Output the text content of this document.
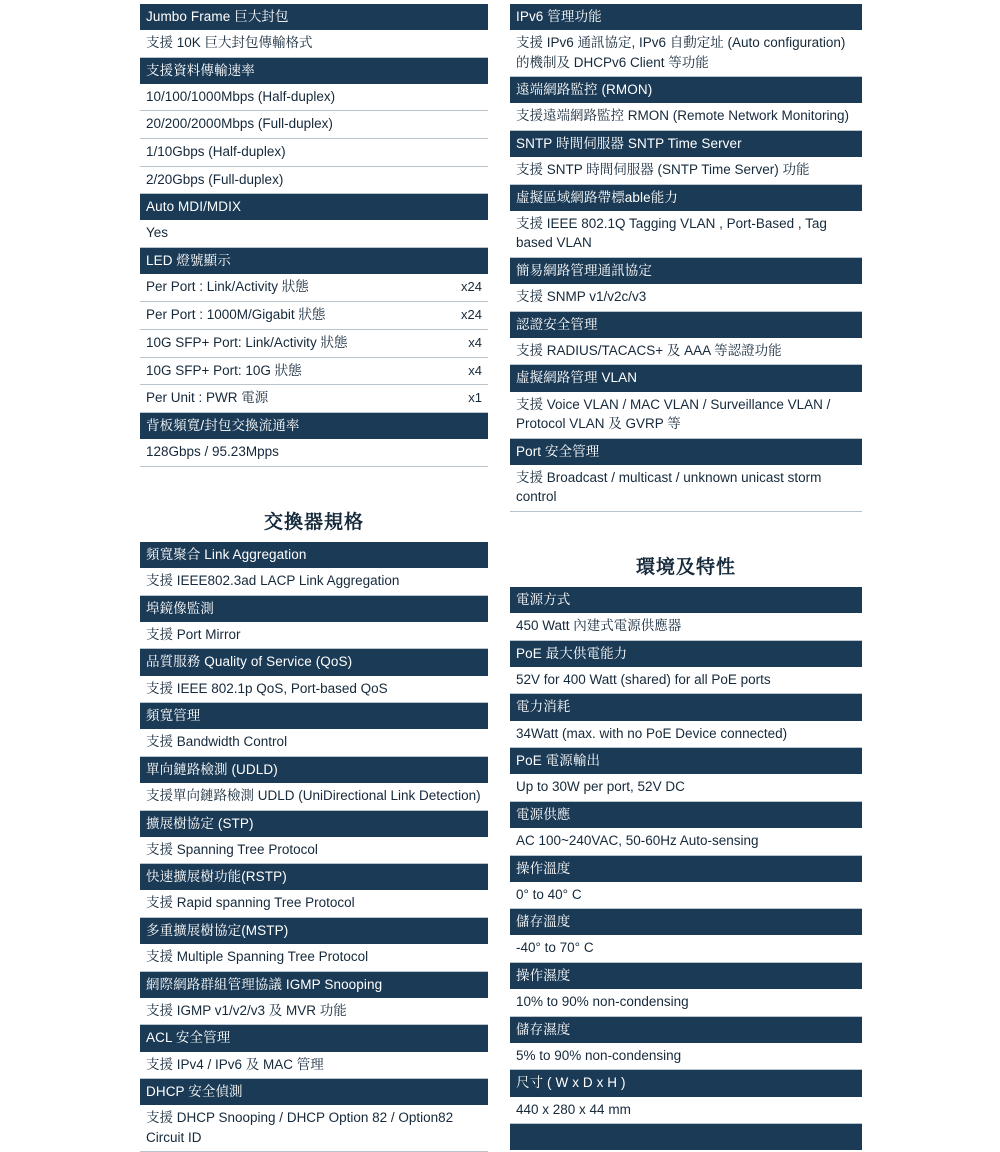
Jumbo Frame 巨大封包
支援 10K 巨大封包傳輸格式
支援資料傳輸速率
10/100/1000Mbps (Half-duplex)
20/200/2000Mbps (Full-duplex)
1/10Gbps (Half-duplex)
2/20Gbps (Full-duplex)
Auto MDI/MDIX
Yes
LED 燈號顯示
Per Port : Link/Activity 狀態	x24
Per Port : 1000M/Gigabit 狀態	x24
10G SFP+ Port: Link/Activity 狀態	x4
10G SFP+ Port: 10G 狀態	x4
Per Unit : PWR 電源	x1
背板頻寬/封包交換流通率
128Gbps / 95.23Mpps
交換器規格
頻寬聚合 Link Aggregation
支援 IEEE802.3ad LACP Link Aggregation
埠鏡像監測
支援 Port Mirror
品質服務 Quality of Service (QoS)
支援 IEEE 802.1p QoS, Port-based QoS
頻寬管理
支援 Bandwidth Control
單向鏈路檢測 (UDLD)
支援單向鏈路檢測 UDLD (UniDirectional Link Detection)
擴展樹協定 (STP)
支援 Spanning Tree Protocol
快速擴展樹功能(RSTP)
支援 Rapid spanning Tree Protocol
多重擴展樹協定(MSTP)
支援 Multiple Spanning Tree Protocol
網際網路群組管理協議 IGMP Snooping
支援 IGMP v1/v2/v3 及 MVR 功能
ACL 安全管理
支援 IPv4 / IPv6 及 MAC 管理
DHCP 安全偵測
支援 DHCP Snooping / DHCP Option 82 / Option82 Circuit ID
IPv6 管理功能
支援 IPv6 通訊協定, IPv6 自動定址 (Auto configuration) 的機制及 DHCPv6 Client 等功能
遠端網路監控 (RMON)
支援遠端網路監控 RMON (Remote Network Monitoring)
SNTP 時間伺服器 SNTP Time Server
支援 SNTP 時間伺服器 (SNTP Time Server) 功能
虛擬區域網路帶標able能力
支援 IEEE 802.1Q Tagging VLAN , Port-Based , Tag based VLAN
簡易網路管理通訊協定
支援 SNMP v1/v2c/v3
認證安全管理
支援 RADIUS/TACACS+ 及 AAA 等認證功能
虛擬網路管理 VLAN
支援 Voice VLAN / MAC VLAN / Surveillance VLAN / Protocol VLAN 及 GVRP 等
Port 安全管理
支援 Broadcast / multicast / unknown unicast storm control
環境及特性
電源方式
450 Watt 內建式電源供應器
PoE 最大供電能力
52V for 400 Watt (shared) for all PoE ports
電力消耗
34Watt (max. with no PoE Device connected)
PoE 電源輸出
Up to 30W per port, 52V DC
電源供應
AC 100~240VAC, 50-60Hz Auto-sensing
操作溫度
0° to 40° C
儲存溫度
-40° to 70° C
操作濕度
10% to 90% non-condensing
儲存濕度
5% to 90% non-condensing
尺寸 ( W x D x H )
440 x 280 x 44 mm
